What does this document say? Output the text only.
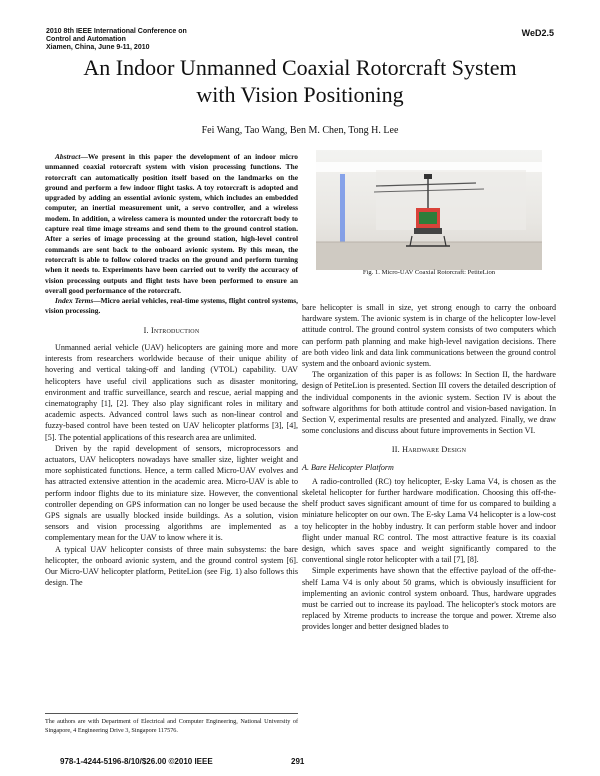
2010 8th IEEE International Conference on
Control and Automation
Xiamen, China, June 9-11, 2010
WeD2.5
An Indoor Unmanned Coaxial Rotorcraft System
with Vision Positioning
Fei Wang, Tao Wang, Ben M. Chen, Tong H. Lee

Abstract—We present in this paper the development of an indoor micro unmanned coaxial rotorcraft system with vision processing functions. The rotorcraft can automatically position itself based on the landmarks on the ground and perform a few indoor flight tasks. A toy rotorcraft is adopted and upgraded by adding an essential avionic system, which includes an embedded computer, an inertial measurement unit, a servo controller, and a wireless modem. In addition, a wireless camera is mounted under the rotorcraft body to capture real time image streams and send them to the ground control station. After a series of image processing at the ground station, high-level control commands are sent back to the onboard avionic system. By this mean, the rotorcraft is able to follow colored tracks on the ground and perform turning when it needs to. Experiments have been carried out to verify the accuracy of vision processing outputs and flight tests have been performed to ensure an overall good performance of the rotorcraft.

Index Terms—Micro aerial vehicles, real-time systems, flight control systems, vision processing.

I. Introduction

Unmanned aerial vehicle (UAV) helicopters are gaining more and more interests from researchers worldwide because of their unique ability of hovering and vertical taking-off and landing (VTOL) capability. UAV helicopters have useful civil applications such as disaster monitoring, environment and traffic surveillance, search and rescue, aerial mapping and cinematography [1], [2]. They also play significant roles in military and academic aspects. Advanced control laws such as non-linear control and fuzzy-based control have been tested on UAV helicopter platforms [3], [4], [5]. The potential applications of this research area are unlimited.

Driven by the rapid development of sensors, microprocessors and actuators, UAV helicopters nowadays have smaller size, lighter weight and more sophisticated functions. Hence, a term called Micro-UAV evolves and has attracted extensive attention in the academic area. Micro-UAV is able to perform indoor flights due to its miniature size. However, the conventional controller depending on GPS information can no longer be used because the GPS signals are usually blocked inside buildings. As a solution, vision sensors and vision processing algorithms are implemented as a complementary mean for the UAV to know where it is.

A typical UAV helicopter consists of three main subsystems: the bare helicopter, the onboard avionic system, and the ground control system [6]. Our Micro-UAV helicopter platform, PetiteLion (see Fig. 1) also follows this design. The

The authors are with Department of Electrical and Computer Engineering, National University of Singapore, 4 Engineering Drive 3, Singapore 117576.
Fig. 1. Micro-UAV Coaxial Rotorcraft: PetiteLion

bare helicopter is small in size, yet strong enough to carry the onboard hardware system. The avionic system is in charge of the helicopter low-level attitude control. The ground control system consists of two computers which can perform path planning and make high-level navigation decisions. There are both video link and data link communications between the ground control system and the onboard avionic system.

The organization of this paper is as follows: In Section II, the hardware design of PetiteLion is presented. Section III covers the detailed description of the individual components in the avionic system. Section IV is about the software algorithms for both attitude control and vision-based navigation. In Section V, experimental results are presented and analyzed. Finally, we draw some conclusions and discuss about future improvements in Section VI.

II. Hardware Design
A. Bare Helicopter Platform

A radio-controlled (RC) toy helicopter, E-sky Lama V4, is chosen as the skeletal helicopter for further hardware modification. Choosing this off-the-shelf product saves significant amount of time for us compared to building a miniature helicopter on our own. The E-sky Lama V4 helicopter is a low-cost toy helicopter in the hobby industry. It can perform stable hover and indoor flight under manual RC control. The most attractive feature is its coaxial design, which saves space and weight significantly compared to the conventional single rotor helicopter with a tail [7], [8].

Simple experiments have shown that the effective payload of the off-the-shelf Lama V4 is only about 50 grams, which is obviously insufficient for implementing an avionic control system onboard. Thus, hardware upgrades must be carried out to increase its payload. The helicopter's stock motors are replaced by Xtreme products to increase the torque and power. Xtreme also provides longer and better designed blades to

978-1-4244-5196-8/10/$26.00 ©2010 IEEE	291
